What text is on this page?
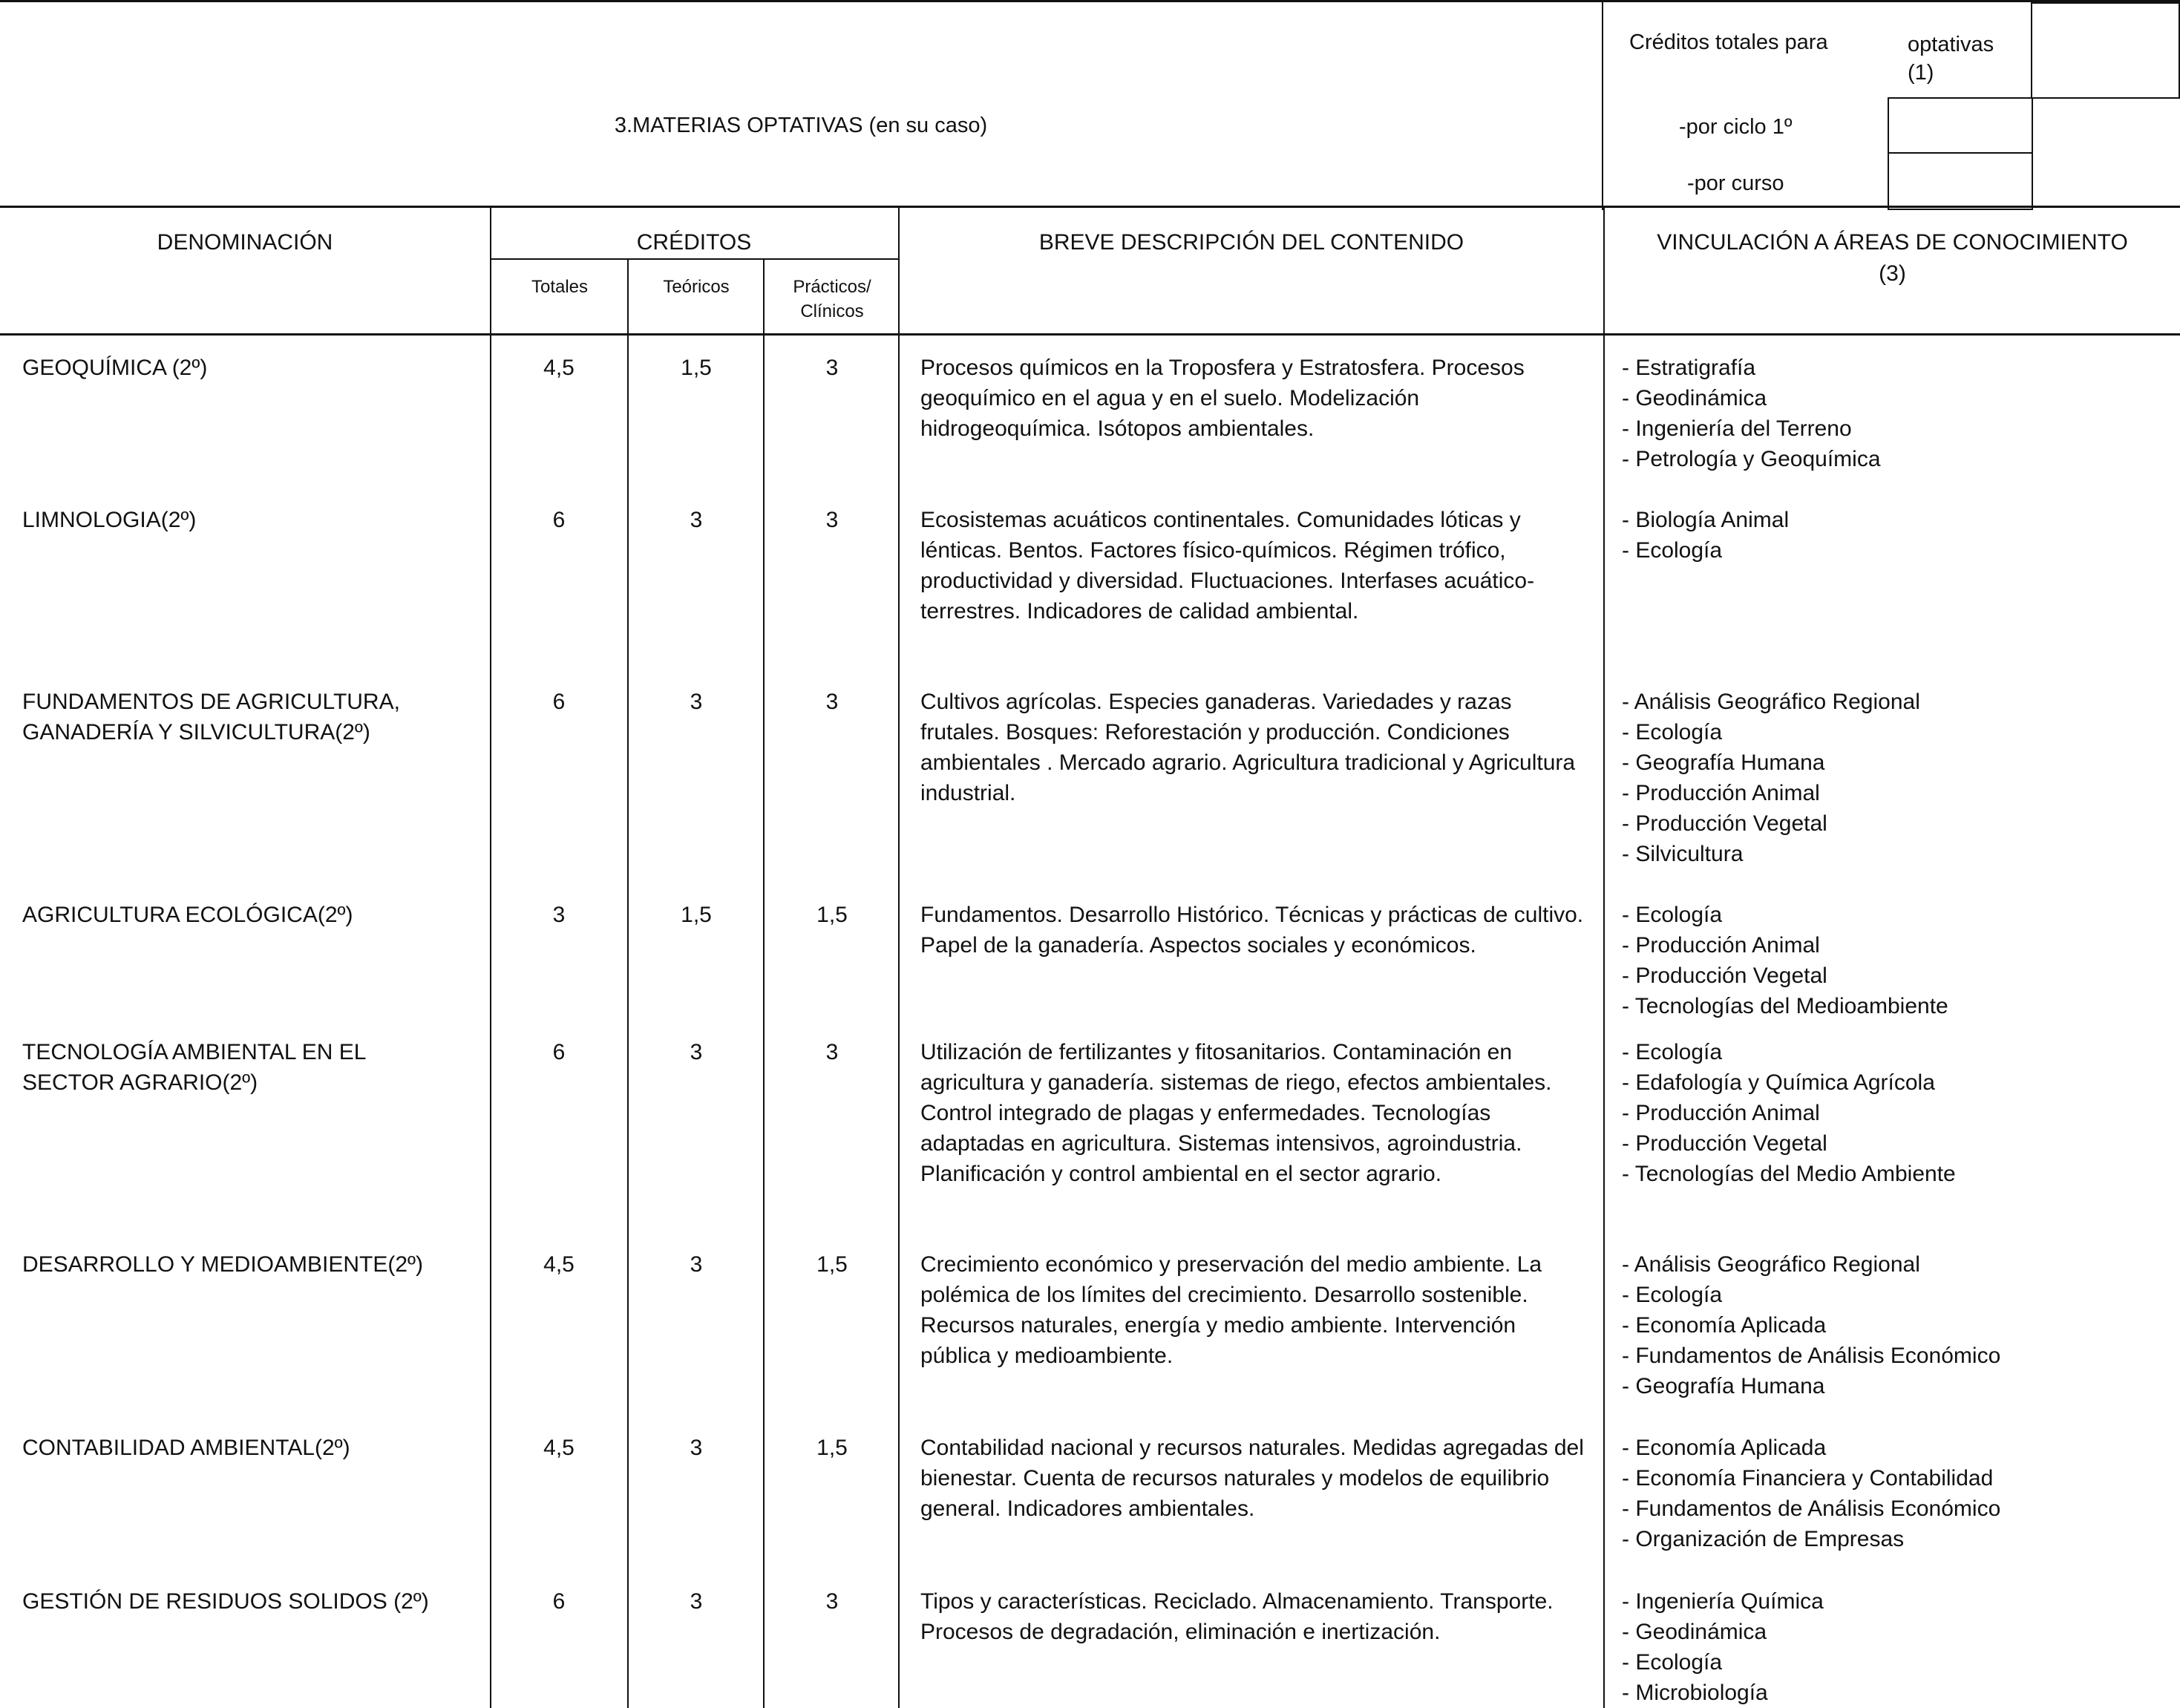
3.MATERIAS OPTATIVAS (en su caso)
Créditos totales para	optativas
(1)
-por ciclo 1º
-por curso
DENOMINACIÓN	CRÉDITOS	BREVE DESCRIPCIÓN DEL CONTENIDO	VINCULACIÓN A ÁREAS DE CONOCIMIENTO
(3)
Totales	Teóricos	Prácticos/
Clínicos
GEOQUÍMICA (2º)	4,5	1,5	3	Procesos químicos en la Troposfera y Estratosfera. Procesos geoquímico en el agua y en el suelo. Modelización hidrogeoquímica. Isótopos ambientales.
- Estratigrafía
- Geodinámica
- Ingeniería del Terreno
- Petrología y Geoquímica
LIMNOLOGIA(2º)	6	3	3	Ecosistemas acuáticos continentales. Comunidades lóticas y lénticas. Bentos. Factores físico-químicos. Régimen trófico, productividad y diversidad. Fluctuaciones. Interfases acuático-terrestres. Indicadores de calidad ambiental.
- Biología Animal
- Ecología
FUNDAMENTOS DE AGRICULTURA,
GANADERÍA Y SILVICULTURA(2º)
6	3	3	Cultivos agrícolas. Especies ganaderas. Variedades y razas frutales. Bosques: Reforestación y producción. Condiciones ambientales . Mercado agrario. Agricultura tradicional y Agricultura industrial.
- Análisis Geográfico Regional
- Ecología
- Geografía Humana
- Producción Animal
- Producción Vegetal
- Silvicultura
AGRICULTURA ECOLÓGICA(2º)	3	1,5	1,5	Fundamentos. Desarrollo Histórico. Técnicas y prácticas de cultivo. Papel de la ganadería. Aspectos sociales y económicos.
- Ecología
- Producción Animal
- Producción Vegetal
- Tecnologías del Medioambiente
TECNOLOGÍA AMBIENTAL EN EL
SECTOR AGRARIO(2º)
6	3	3	Utilización de fertilizantes y fitosanitarios. Contaminación en agricultura y ganadería. sistemas de riego, efectos ambientales. Control integrado de plagas y enfermedades. Tecnologías adaptadas en agricultura. Sistemas intensivos, agroindustria. Planificación y control ambiental en el sector agrario.
- Ecología
- Edafología y Química Agrícola
- Producción Animal
- Producción Vegetal
- Tecnologías del Medio Ambiente
DESARROLLO Y MEDIOAMBIENTE(2º)	4,5	3	1,5	Crecimiento económico y preservación del medio ambiente. La polémica de los límites del crecimiento. Desarrollo sostenible. Recursos naturales, energía y medio ambiente. Intervención pública y medioambiente.
- Análisis Geográfico Regional
- Ecología
- Economía Aplicada
- Fundamentos de Análisis Económico
- Geografía Humana
CONTABILIDAD AMBIENTAL(2º)	4,5	3	1,5	Contabilidad nacional y recursos naturales. Medidas agregadas del bienestar. Cuenta de recursos naturales y modelos de equilibrio general. Indicadores ambientales.
- Economía Aplicada
- Economía Financiera y Contabilidad
- Fundamentos de Análisis Económico
- Organización de Empresas
GESTIÓN DE RESIDUOS SOLIDOS (2º)	6	3	3	Tipos y características. Reciclado. Almacenamiento. Transporte. Procesos de degradación, eliminación e inertización.
- Ingeniería Química
- Geodinámica
- Ecología
- Microbiología
